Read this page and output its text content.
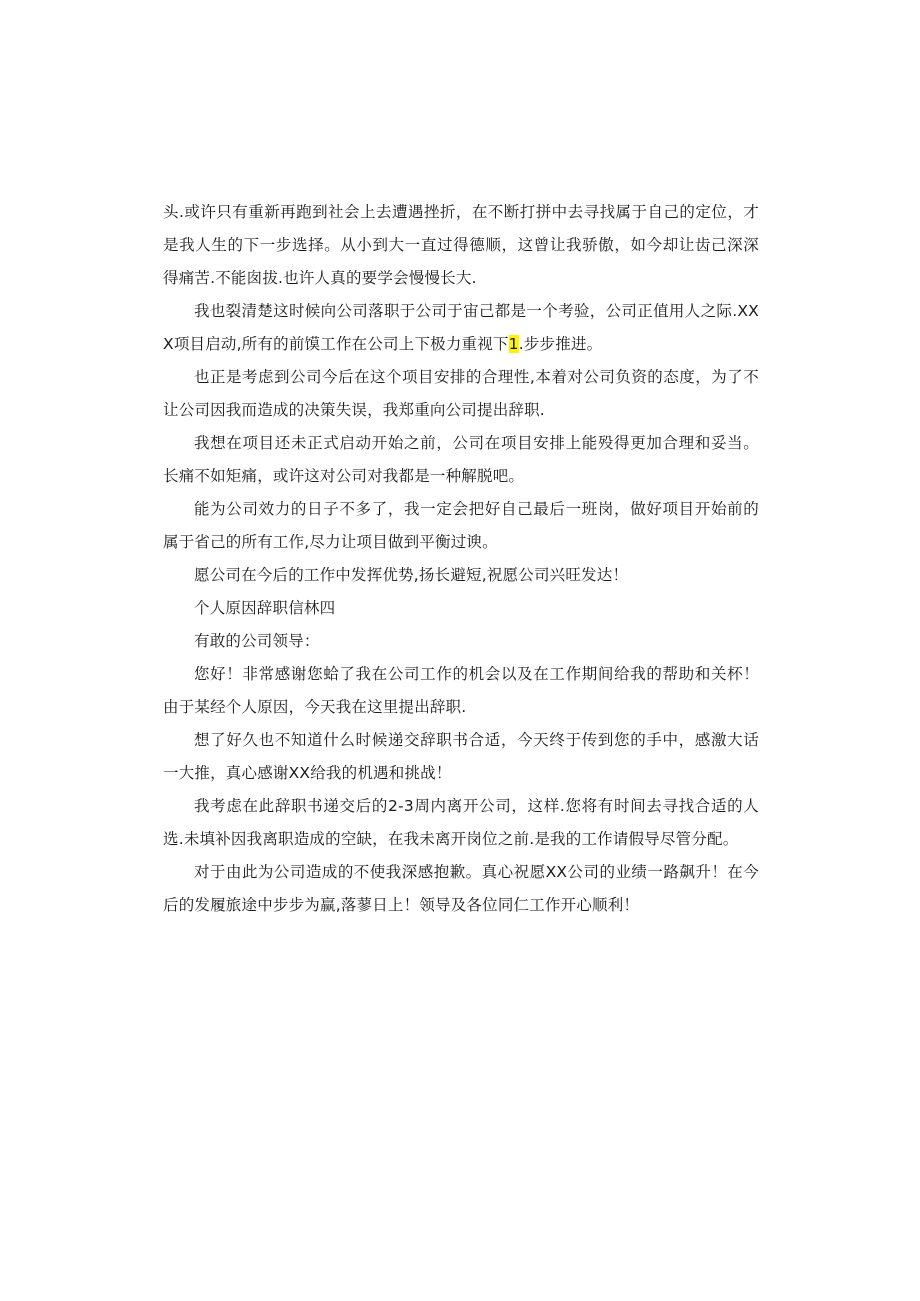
头.或许只有重新再跑到社会上去遭遇挫折，在不断打拼中去寻找属于自己的定位，才是我人生的下一步选择。从小到大一直过得德顺，这曾让我骄傲，如今却让齿己深深得痛苦.不能囱拔.也许人真的要学会慢慢长大.

我也裂清楚这时候向公司落职于公司于宙己都是一个考验，公司正值用人之际.XXX项目启动,所有的前馍工作在公司上下极力重视下1.步步推进。

也正是考虑到公司今后在这个项目安排的合理性,本着对公司负资的态度，为了不让公司因我而造成的决策失误，我郑重向公司提出辞职.

我想在项目还未正式启动开始之前，公司在项目安排上能殁得更加合理和妥当。长痛不如矩痛，或许这对公司对我都是一种解脱吧。

能为公司效力的日子不多了，我一定会把好自己最后一班岗，做好项目开始前的属于省己的所有工作,尽力让项目做到平衡过谀。

愿公司在今后的工作中发挥优势,扬长避短,祝愿公司兴旺发达！

个人原因辞职信林四

有敢的公司领导：

您好！非常感谢您蛤了我在公司工作的机会以及在工作期间给我的帮助和关杯！由于某经个人原因，今天我在这里提出辞职.

想了好久也不知道什么时候递交辞职书合适，今天终于传到您的手中，感激大话一大推，真心感谢XX给我的机遇和挑战！

我考虑在此辞职书递交后的2-3周内离开公司，这样.您将有时间去寻找合适的人选.未填补因我离职造成的空缺，在我未离开岗位之前.是我的工作请假导尽管分配。

对于由此为公司造成的不使我深感抱歉。真心祝愿XX公司的业绩一路飙升！在今后的发履旅途中步步为赢,落蓼日上！领导及各位同仁工作开心顺利！
